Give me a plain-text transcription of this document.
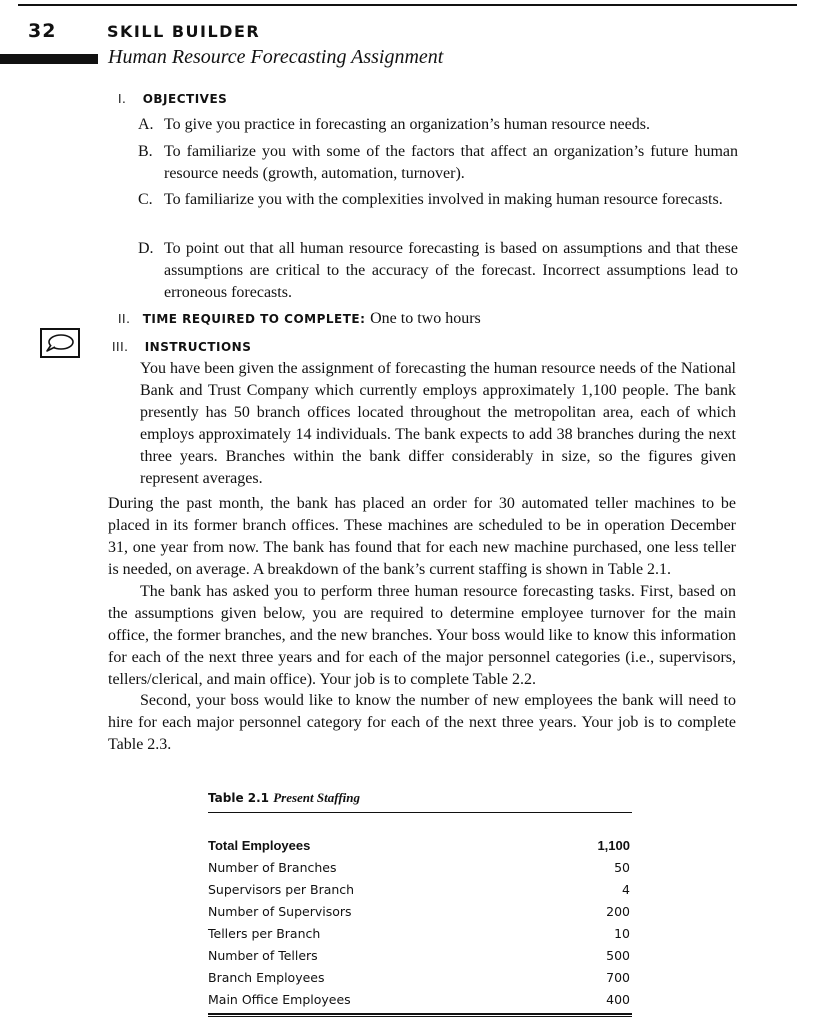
32	SKILL BUILDER
Human Resource Forecasting Assignment
I. OBJECTIVES
A. To give you practice in forecasting an organization’s human resource needs.
B. To familiarize you with some of the factors that affect an organization’s future human resource needs (growth, automation, turnover).
C. To familiarize you with the complexities involved in making human resource forecasts.
D. To point out that all human resource forecasting is based on assumptions and that these assumptions are critical to the accuracy of the forecast. Incorrect assumptions lead to erroneous forecasts.
II. TIME REQUIRED TO COMPLETE: One to two hours
III. INSTRUCTIONS
You have been given the assignment of forecasting the human resource needs of the National Bank and Trust Company which currently employs approximately 1,100 people. The bank presently has 50 branch offices located throughout the metropolitan area, each of which employs approximately 14 individuals. The bank expects to add 38 branches during the next three years. Branches within the bank differ considerably in size, so the figures given represent averages.
During the past month, the bank has placed an order for 30 automated teller machines to be placed in its former branch offices. These machines are scheduled to be in operation December 31, one year from now. The bank has found that for each new machine purchased, one less teller is needed, on average. A breakdown of the bank’s current staffing is shown in Table 2.1.
The bank has asked you to perform three human resource forecasting tasks. First, based on the assumptions given below, you are required to determine employee turnover for the main office, the former branches, and the new branches. Your boss would like to know this information for each of the next three years and for each of the major personnel categories (i.e., supervisors, tellers/clerical, and main office). Your job is to complete Table 2.2.
Second, your boss would like to know the number of new employees the bank will need to hire for each major personnel category for each of the next three years. Your job is to complete Table 2.3.
Table 2.1 Present Staffing
Total Employees	1,100
Number of Branches	50
Supervisors per Branch	4
Number of Supervisors	200
Tellers per Branch	10
Number of Tellers	500
Branch Employees	700
Main Office Employees	400
